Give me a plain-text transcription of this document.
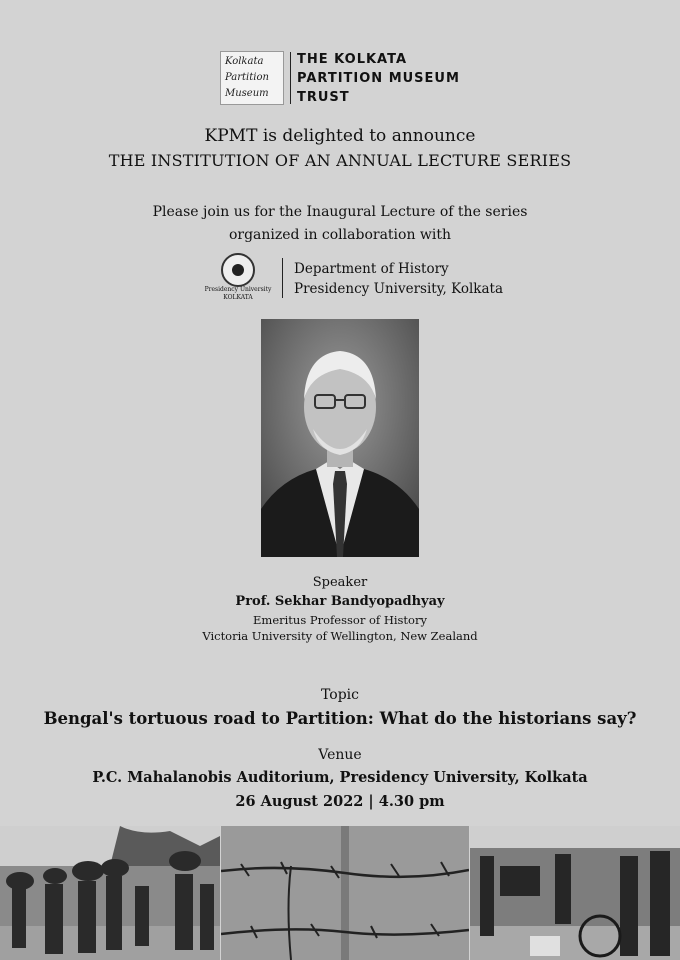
Kolkata
Partition
Museum
THE KOLKATA
PARTITION MUSEUM
TRUST
KPMT is delighted to announce
THE INSTITUTION OF AN ANNUAL LECTURE SERIES
Please join us for the Inaugural Lecture of the series
organized in collaboration with
Presidency University
KOLKATA
Department of History
Presidency University, Kolkata
Speaker
Prof. Sekhar Bandyopadhyay
Emeritus Professor of History
Victoria University of Wellington, New Zealand
Topic
Bengal's tortuous road to Partition: What do the historians say?
Venue
P.C. Mahalanobis Auditorium, Presidency University, Kolkata
26 August 2022 | 4.30 pm
